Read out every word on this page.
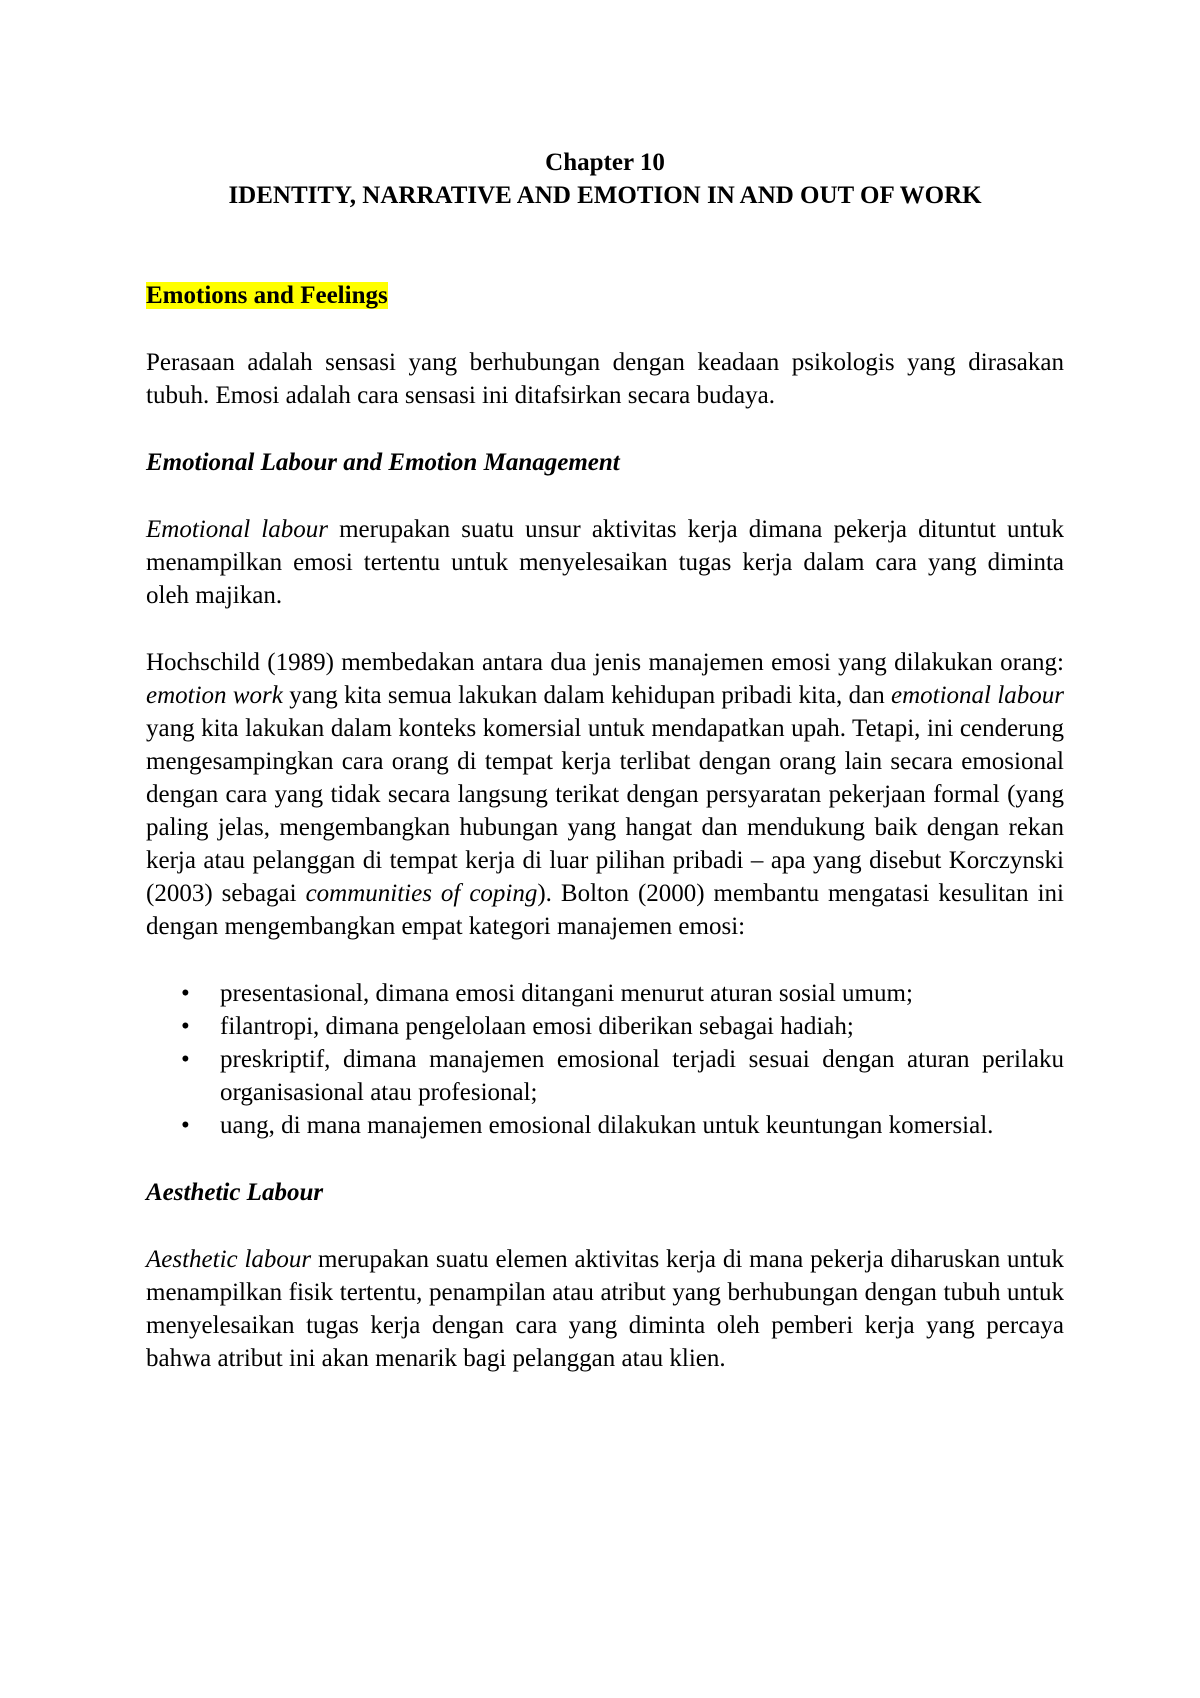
Chapter 10

IDENTITY, NARRATIVE AND EMOTION IN AND OUT OF WORK

Emotions and Feelings

Perasaan adalah sensasi yang berhubungan dengan keadaan psikologis yang dirasakan tubuh. Emosi adalah cara sensasi ini ditafsirkan secara budaya.

Emotional Labour and Emotion Management

Emotional labour merupakan suatu unsur aktivitas kerja dimana pekerja dituntut untuk menampilkan emosi tertentu untuk menyelesaikan tugas kerja dalam cara yang diminta oleh majikan.

Hochschild (1989) membedakan antara dua jenis manajemen emosi yang dilakukan orang: emotion work yang kita semua lakukan dalam kehidupan pribadi kita, dan emotional labour yang kita lakukan dalam konteks komersial untuk mendapatkan upah. Tetapi, ini cenderung mengesampingkan cara orang di tempat kerja terlibat dengan orang lain secara emosional dengan cara yang tidak secara langsung terikat dengan persyaratan pekerjaan formal (yang paling jelas, mengembangkan hubungan yang hangat dan mendukung baik dengan rekan kerja atau pelanggan di tempat kerja di luar pilihan pribadi – apa yang disebut Korczynski (2003) sebagai communities of coping). Bolton (2000) membantu mengatasi kesulitan ini dengan mengembangkan empat kategori manajemen emosi:

• presentasional, dimana emosi ditangani menurut aturan sosial umum;
• filantropi, dimana pengelolaan emosi diberikan sebagai hadiah;
• preskriptif, dimana manajemen emosional terjadi sesuai dengan aturan perilaku organisasional atau profesional;
• uang, di mana manajemen emosional dilakukan untuk keuntungan komersial.

Aesthetic Labour

Aesthetic labour merupakan suatu elemen aktivitas kerja di mana pekerja diharuskan untuk menampilkan fisik tertentu, penampilan atau atribut yang berhubungan dengan tubuh untuk menyelesaikan tugas kerja dengan cara yang diminta oleh pemberi kerja yang percaya bahwa atribut ini akan menarik bagi pelanggan atau klien.
